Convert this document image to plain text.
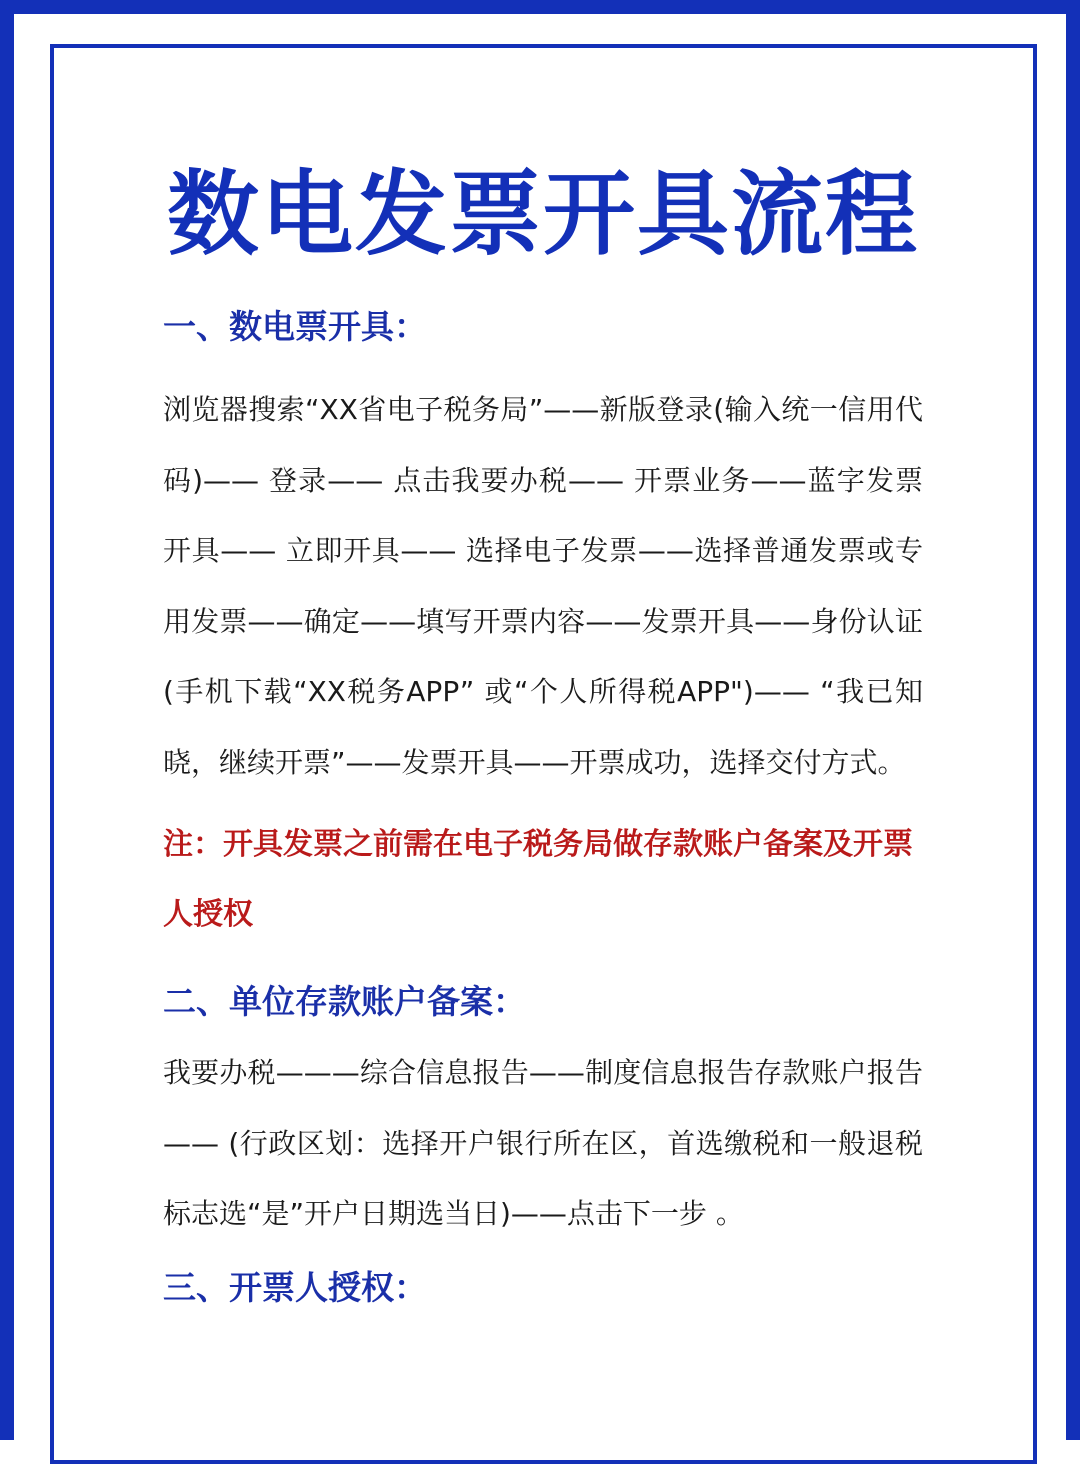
数电发票开具流程
一、数电票开具：

浏览器搜索“XX省电子税务局”——新版登录(输入统一信用代码)—— 登录—— 点击我要办税—— 开票业务——蓝字发票开具—— 立即开具—— 选择电子发票——选择普通发票或专用发票——确定——填写开票内容——发票开具——身份认证(手机下载“XX税务APP” 或“个人所得税APP")—— “我已知晓，继续开票”——发票开具——开票成功，选择交付方式。

注：开具发票之前需在电子税务局做存款账户备案及开票人授权

二、单位存款账户备案：

我要办税———综合信息报告——制度信息报告存款账户报告—— (行政区划：选择开户银行所在区，首选缴税和一般退税标志选“是”开户日期选当日)——点击下一步 。

三、开票人授权：
